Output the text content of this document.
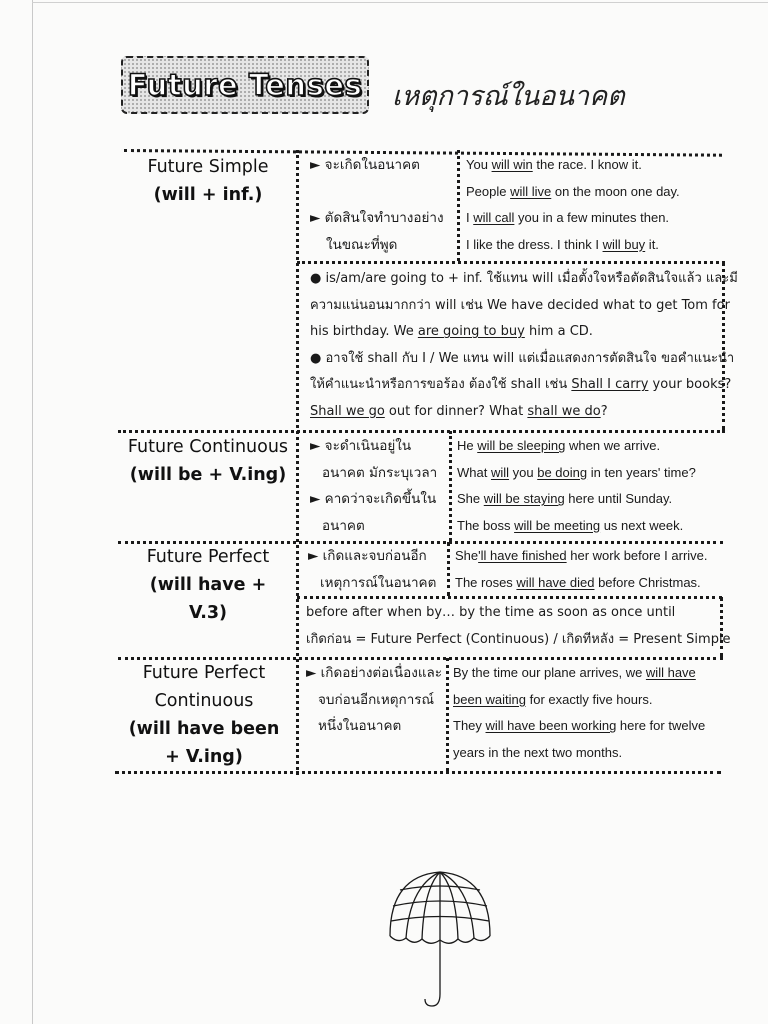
Future Tenses เหตุการณ์ในอนาคต
Future Simple
(will + inf.)
► จะเกิดในอนาคต
► ตัดสินใจทำบางอย่าง
ในขณะที่พูด
You will win the race. I know it.
People will live on the moon one day.
I will call you in a few minutes then.
I like the dress. I think I will buy it.
● is/am/are going to + inf. ใช้แทน will เมื่อตั้งใจหรือตัดสินใจแล้ว และมี
ความแน่นอนมากกว่า will เช่น We have decided what to get Tom for
his birthday. We are going to buy him a CD.
● อาจใช้ shall กับ I / We แทน will แต่เมื่อแสดงการตัดสินใจ ขอคำแนะนำ
ให้คำแนะนำหรือการขอร้อง ต้องใช้ shall เช่น Shall I carry your books?
Shall we go out for dinner? What shall we do?
Future Continuous
(will be + V.ing)
► จะดำเนินอยู่ใน
อนาคต มักระบุเวลา
► คาดว่าจะเกิดขึ้นใน
อนาคต
He will be sleeping when we arrive.
What will you be doing in ten years' time?
She will be staying here until Sunday.
The boss will be meeting us next week.
Future Perfect
(will have + V.3)
► เกิดและจบก่อนอีก
เหตุการณ์ในอนาคต
She'll have finished her work before I arrive.
The roses will have died before Christmas.
before after when by… by the time as soon as once until
เกิดก่อน = Future Perfect (Continuous) / เกิดทีหลัง = Present Simple
Future Perfect
Continuous
(will have been
+ V.ing)
► เกิดอย่างต่อเนื่องและ
จบก่อนอีกเหตุการณ์
หนึ่งในอนาคต
By the time our plane arrives, we will have
been waiting for exactly five hours.
They will have been working here for twelve
years in the next two months.
